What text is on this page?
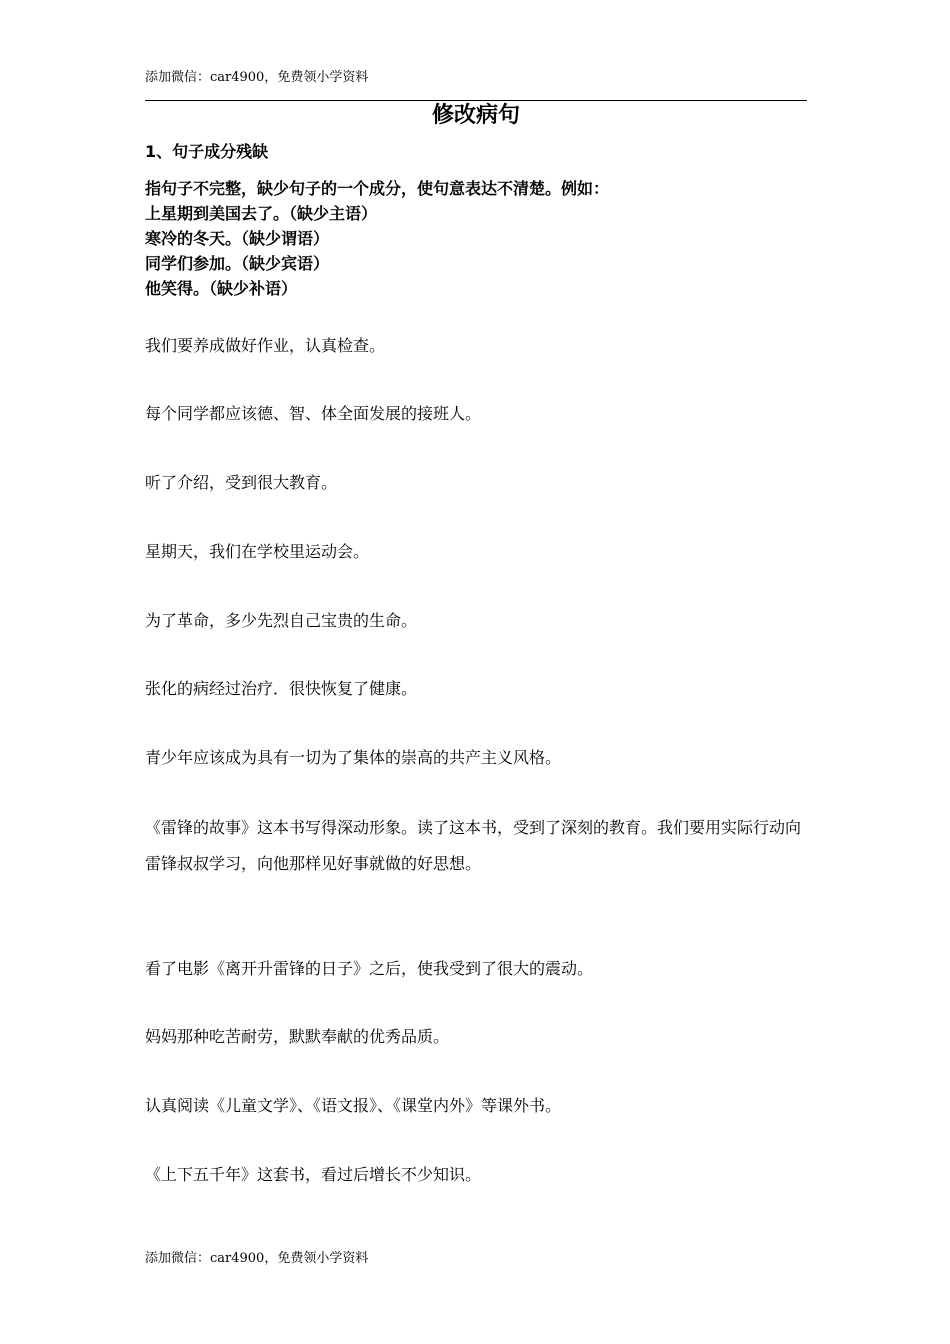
添加微信：car4900，免费领小学资料
修改病句
1、句子成分残缺
指句子不完整，缺少句子的一个成分，使句意表达不清楚。例如：
上星期到美国去了。（缺少主语）
寒冷的冬天。（缺少谓语）
同学们参加。（缺少宾语）
他笑得。（缺少补语）
我们要养成做好作业，认真检查。
每个同学都应该德、智、体全面发展的接班人。
听了介绍，受到很大教育。
星期天，我们在学校里运动会。
为了革命，多少先烈自己宝贵的生命。
张化的病经过治疗．很快恢复了健康。
青少年应该成为具有一切为了集体的崇高的共产主义风格。
《雷锋的故事》这本书写得深动形象。读了这本书，受到了深刻的教育。我们要用实际行动向雷锋叔叔学习，向他那样见好事就做的好思想。
看了电影《离开升雷锋的日子》之后，使我受到了很大的震动。
妈妈那种吃苦耐劳，默默奉献的优秀品质。
认真阅读《儿童文学》、《语文报》、《课堂内外》等课外书。
《上下五千年》这套书，看过后增长不少知识。
添加微信：car4900，免费领小学资料
